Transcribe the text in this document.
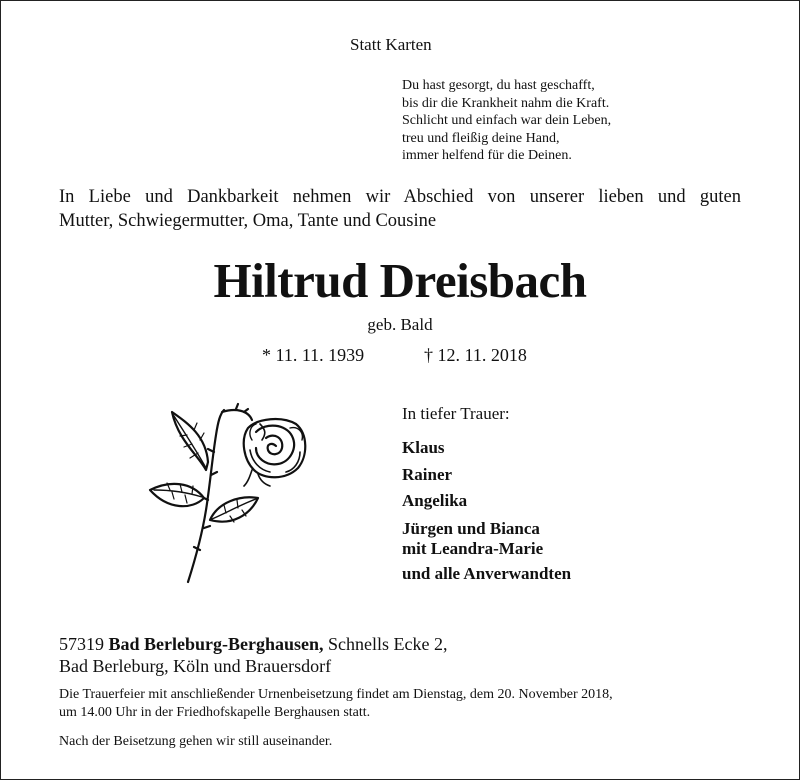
Statt Karten
Du hast gesorgt, du hast geschafft,
bis dir die Krankheit nahm die Kraft.
Schlicht und einfach war dein Leben,
treu und fleißig deine Hand,
immer helfend für die Deinen.
In Liebe und Dankbarkeit nehmen wir Abschied von unserer lieben und guten
Mutter, Schwiegermutter, Oma, Tante und Cousine
Hiltrud Dreisbach
geb. Bald
* 11. 11. 1939	† 12. 11. 2018
In tiefer Trauer:
Klaus
Rainer
Angelika
Jürgen und Bianca
mit Leandra-Marie
und alle Anverwandten
57319 Bad Berleburg-Berghausen, Schnells Ecke 2,
Bad Berleburg, Köln und Brauersdorf
Die Trauerfeier mit anschließender Urnenbeisetzung findet am Dienstag, dem 20. November 2018,
um 14.00 Uhr in der Friedhofskapelle Berghausen statt.
Nach der Beisetzung gehen wir still auseinander.
